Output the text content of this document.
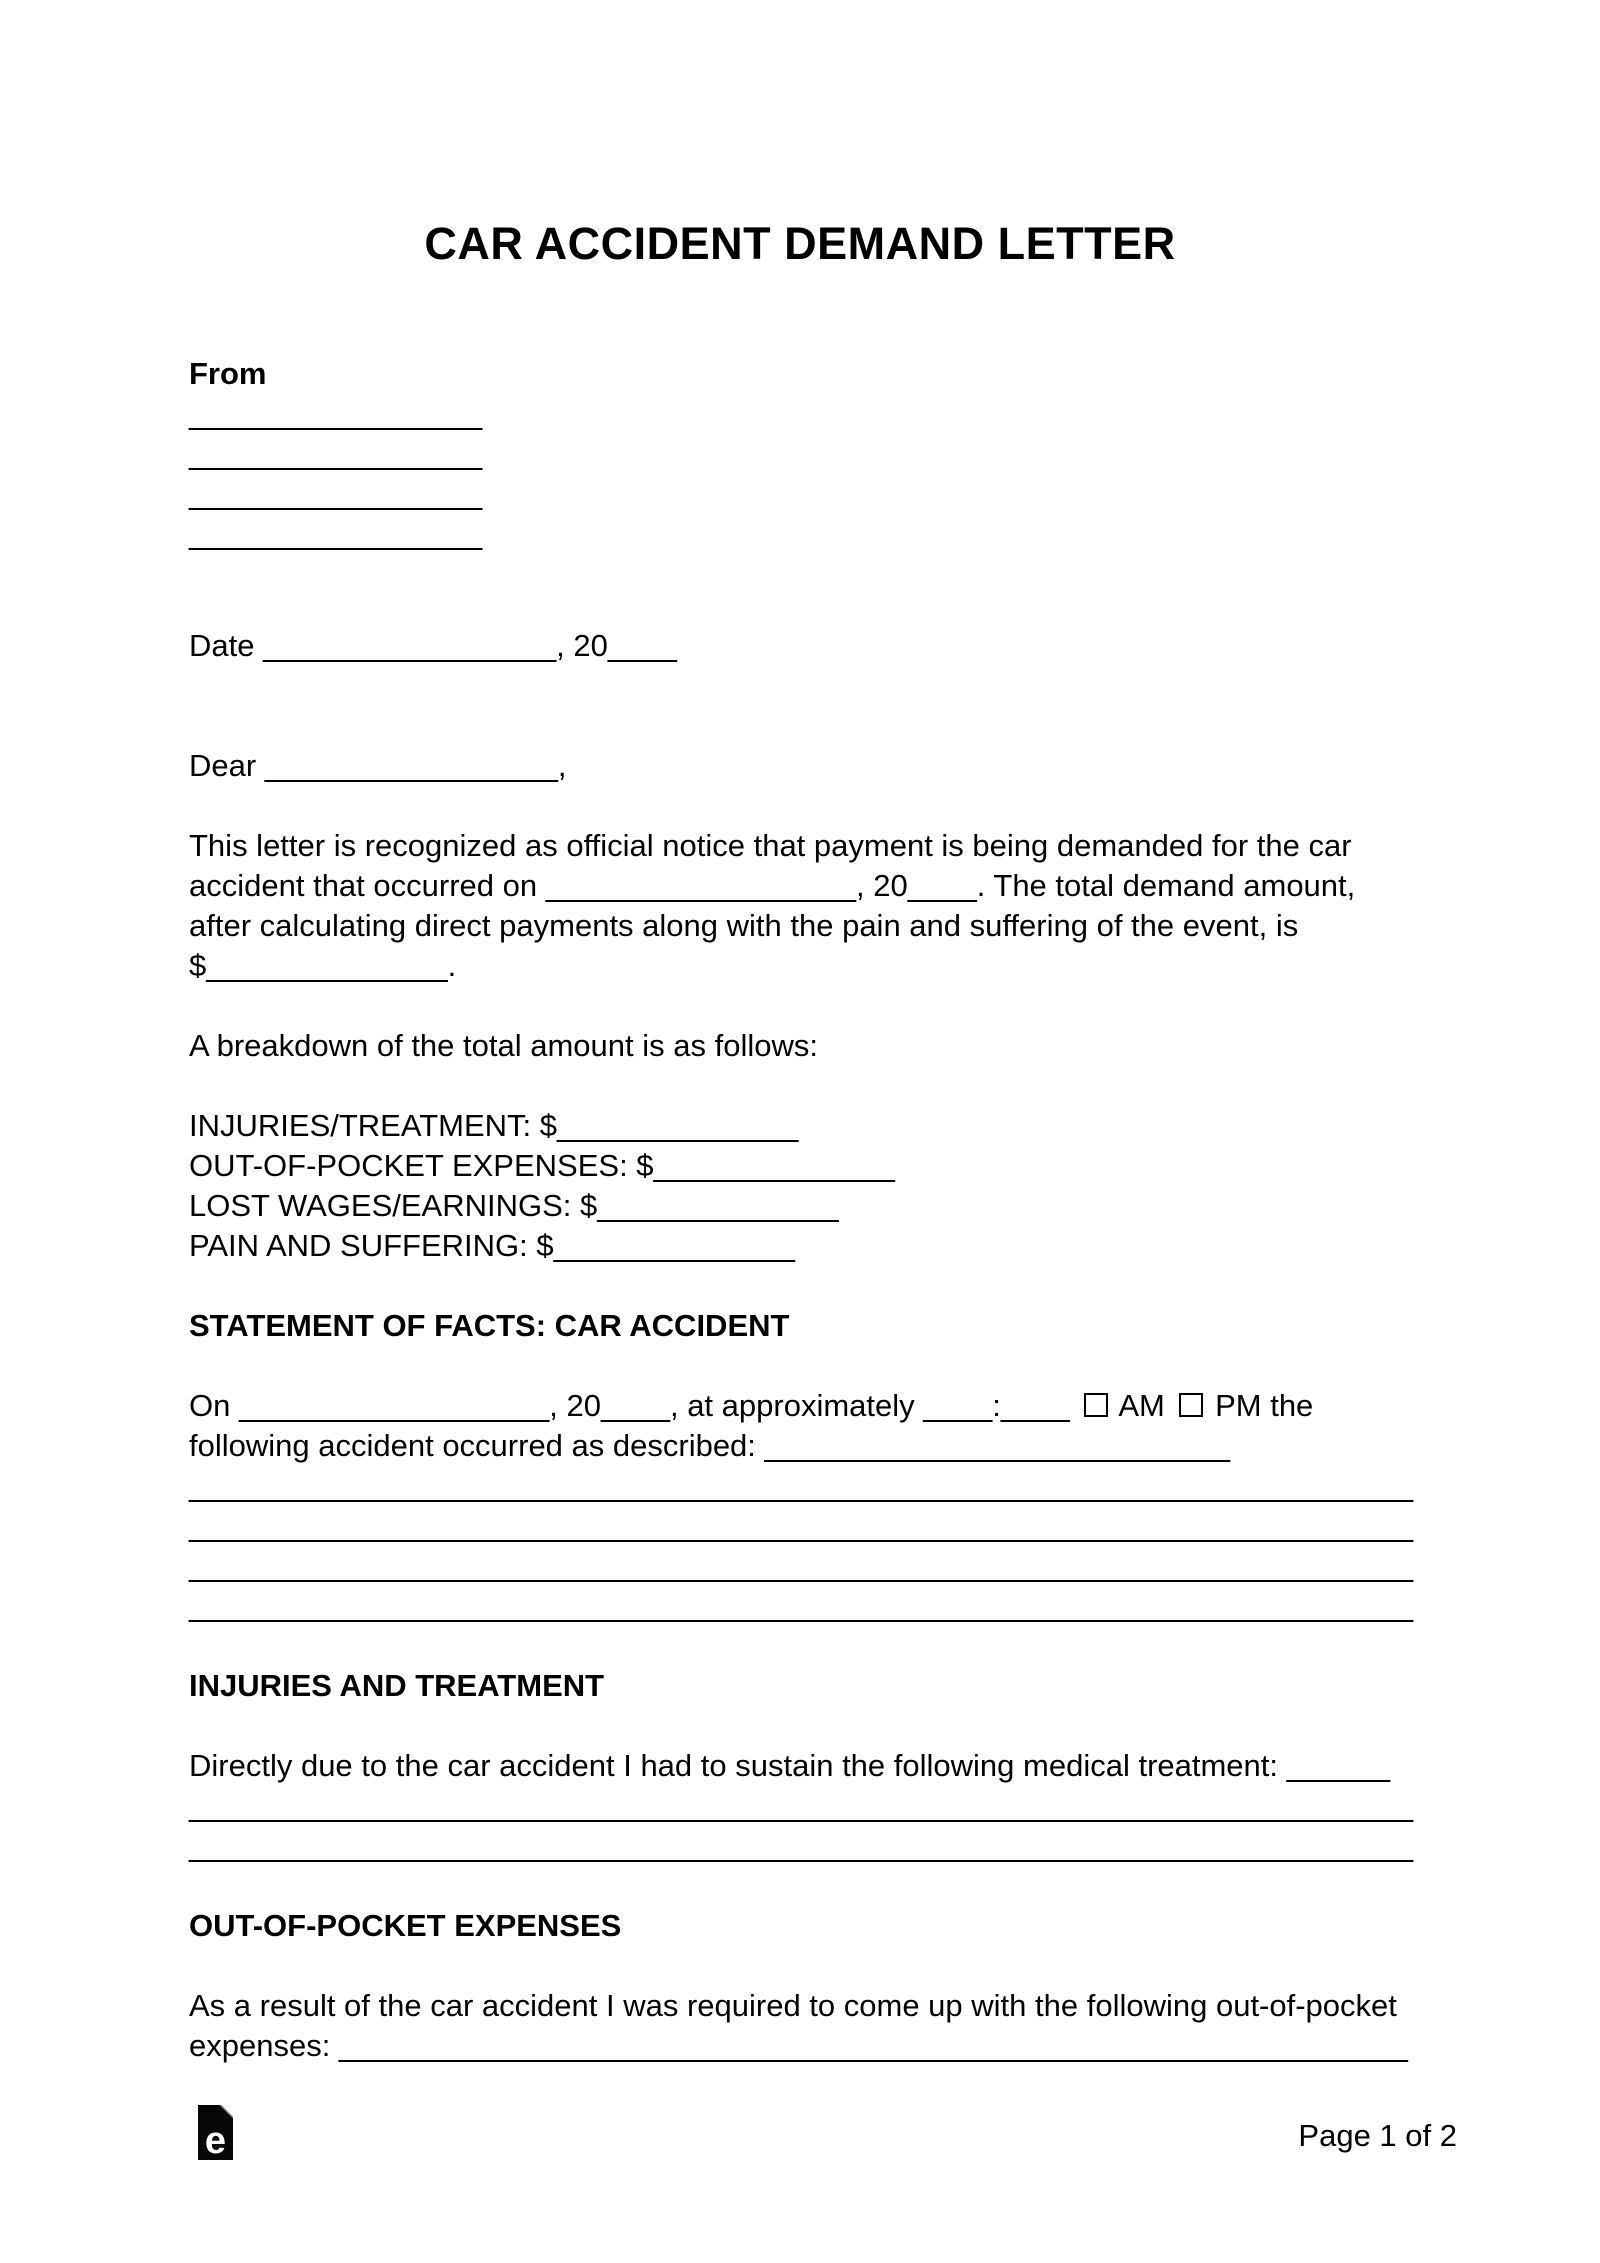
CAR ACCIDENT DEMAND LETTER
From
_________________
_________________
_________________
_________________
Date _________________, 20____
Dear _________________,
This letter is recognized as official notice that payment is being demanded for the car
accident that occurred on __________________, 20____. The total demand amount,
after calculating direct payments along with the pain and suffering of the event, is
$______________.
A breakdown of the total amount is as follows:
INJURIES/TREATMENT: $______________
OUT-OF-POCKET EXPENSES: $______________
LOST WAGES/EARNINGS: $______________
PAIN AND SUFFERING: $______________
STATEMENT OF FACTS: CAR ACCIDENT
On __________________, 20____, at approximately ____:____ AM PM the
following accident occurred as described: ___________________________
_______________________________________________________________________
_______________________________________________________________________
_______________________________________________________________________
_______________________________________________________________________
INJURIES AND TREATMENT
Directly due to the car accident I had to sustain the following medical treatment: ______
_______________________________________________________________________
_______________________________________________________________________
OUT-OF-POCKET EXPENSES
As a result of the car accident I was required to come up with the following out-of-pocket
expenses: ______________________________________________________________
e	Page 1 of 2
